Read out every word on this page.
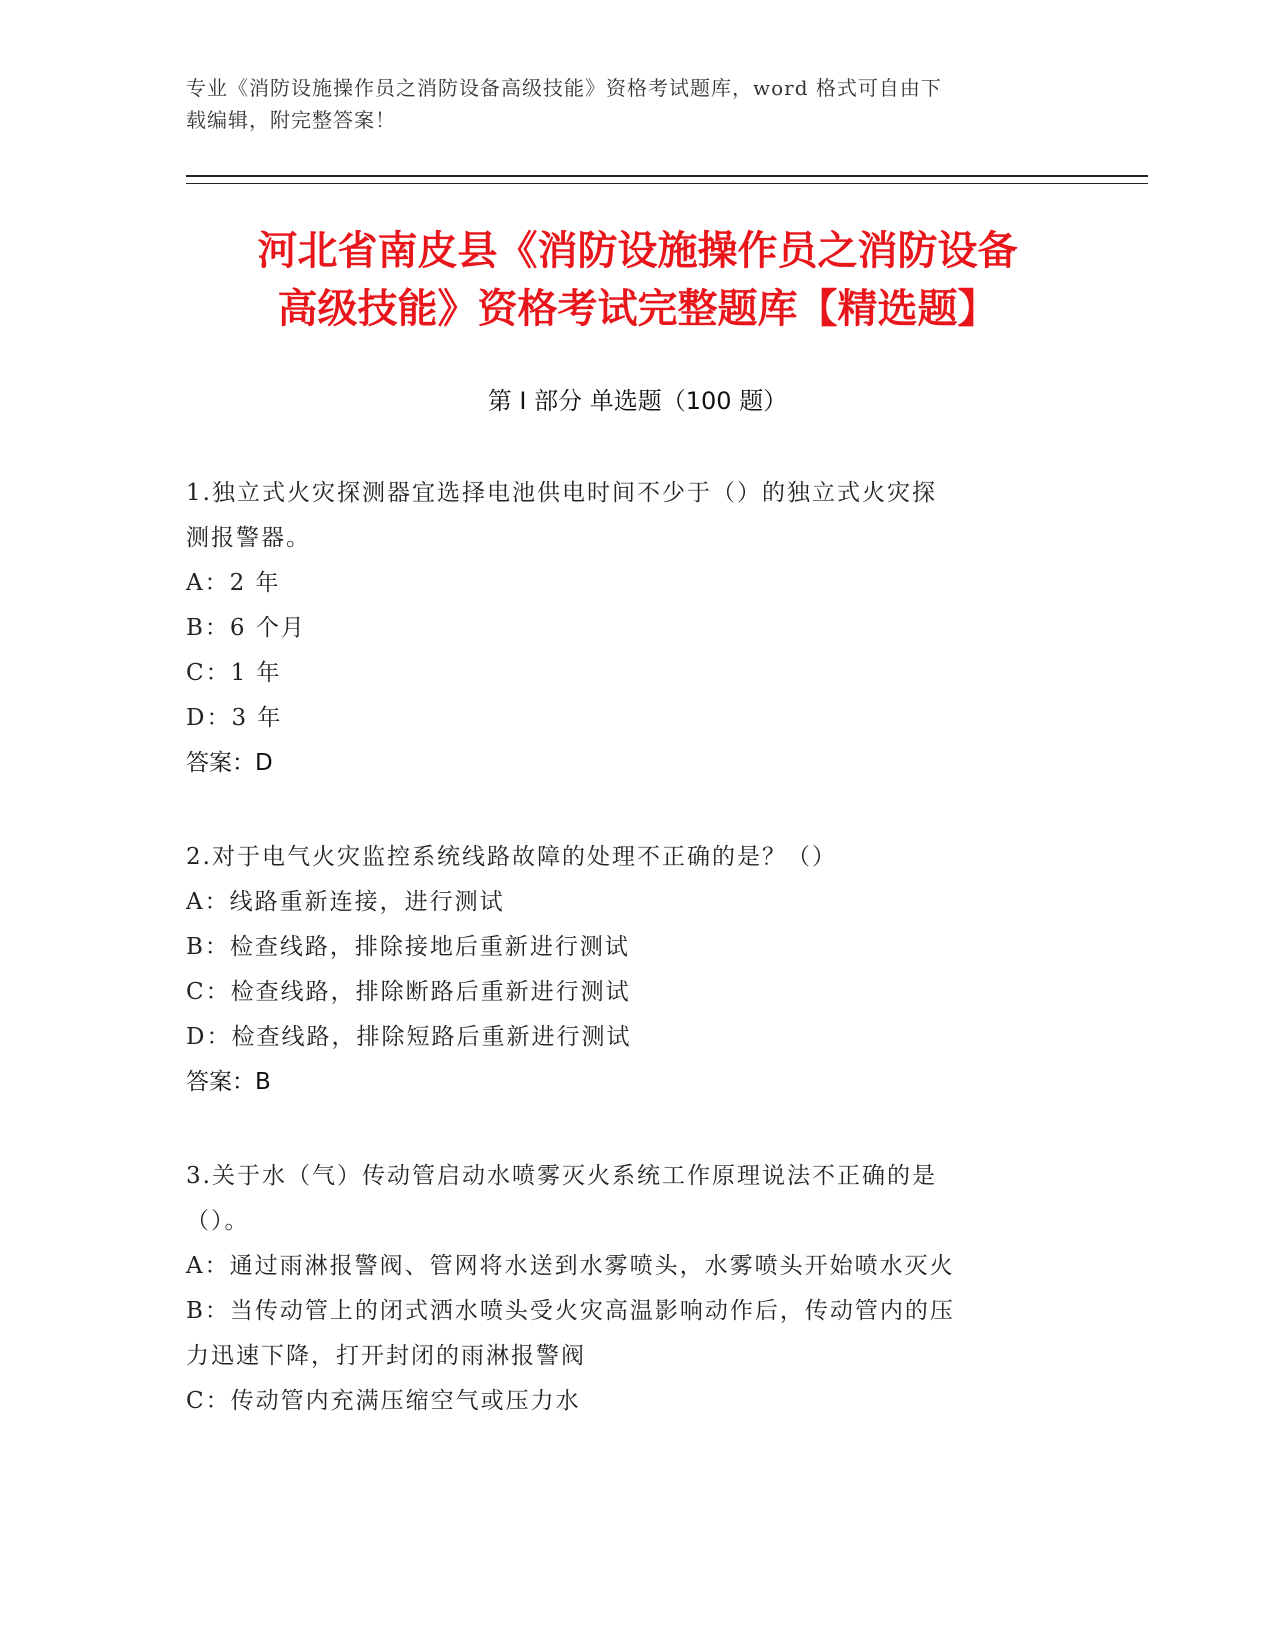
专业《消防设施操作员之消防设备高级技能》资格考试题库，word 格式可自由下
载编辑，附完整答案！
河北省南皮县《消防设施操作员之消防设备
高级技能》资格考试完整题库【精选题】
第 I 部分 单选题（100 题）
1.独立式火灾探测器宜选择电池供电时间不少于（）的独立式火灾探
测报警器。
A：2 年
B：6 个月
C：1 年
D：3 年
答案：D
2.对于电气火灾监控系统线路故障的处理不正确的是？（）
A：线路重新连接，进行测试
B：检查线路，排除接地后重新进行测试
C：检查线路，排除断路后重新进行测试
D：检查线路，排除短路后重新进行测试
答案：B
3.关于水（气）传动管启动水喷雾灭火系统工作原理说法不正确的是
（）。
A：通过雨淋报警阀、管网将水送到水雾喷头，水雾喷头开始喷水灭火
B：当传动管上的闭式洒水喷头受火灾高温影响动作后，传动管内的压
力迅速下降，打开封闭的雨淋报警阀
C：传动管内充满压缩空气或压力水
